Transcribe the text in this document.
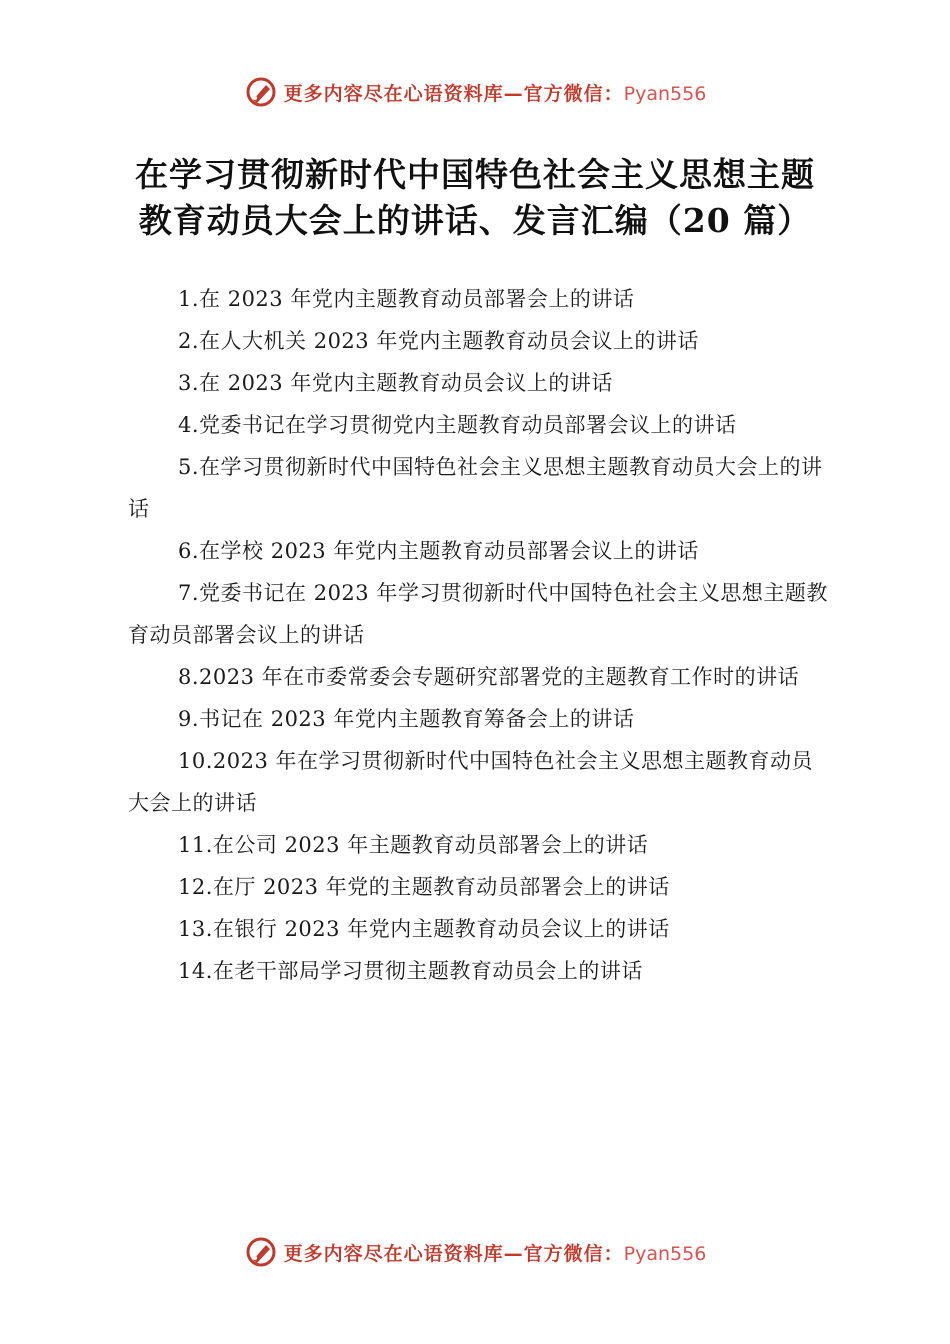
更多内容尽在心语资料库—官方微信：Pyan556
在学习贯彻新时代中国特色社会主义思想主题
教育动员大会上的讲话、发言汇编（20 篇）

1.在 2023 年党内主题教育动员部署会上的讲话

2.在人大机关 2023 年党内主题教育动员会议上的讲话

3.在 2023 年党内主题教育动员会议上的讲话

4.党委书记在学习贯彻党内主题教育动员部署会议上的讲话

5.在学习贯彻新时代中国特色社会主义思想主题教育动员大会上的讲话

6.在学校 2023 年党内主题教育动员部署会议上的讲话

7.党委书记在 2023 年学习贯彻新时代中国特色社会主义思想主题教育动员部署会议上的讲话

8.2023 年在市委常委会专题研究部署党的主题教育工作时的讲话

9.书记在 2023 年党内主题教育筹备会上的讲话

10.2023 年在学习贯彻新时代中国特色社会主义思想主题教育动员大会上的讲话

11.在公司 2023 年主题教育动员部署会上的讲话

12.在厅 2023 年党的主题教育动员部署会上的讲话

13.在银行 2023 年党内主题教育动员会议上的讲话

14.在老干部局学习贯彻主题教育动员会上的讲话

更多内容尽在心语资料库—官方微信：Pyan556
